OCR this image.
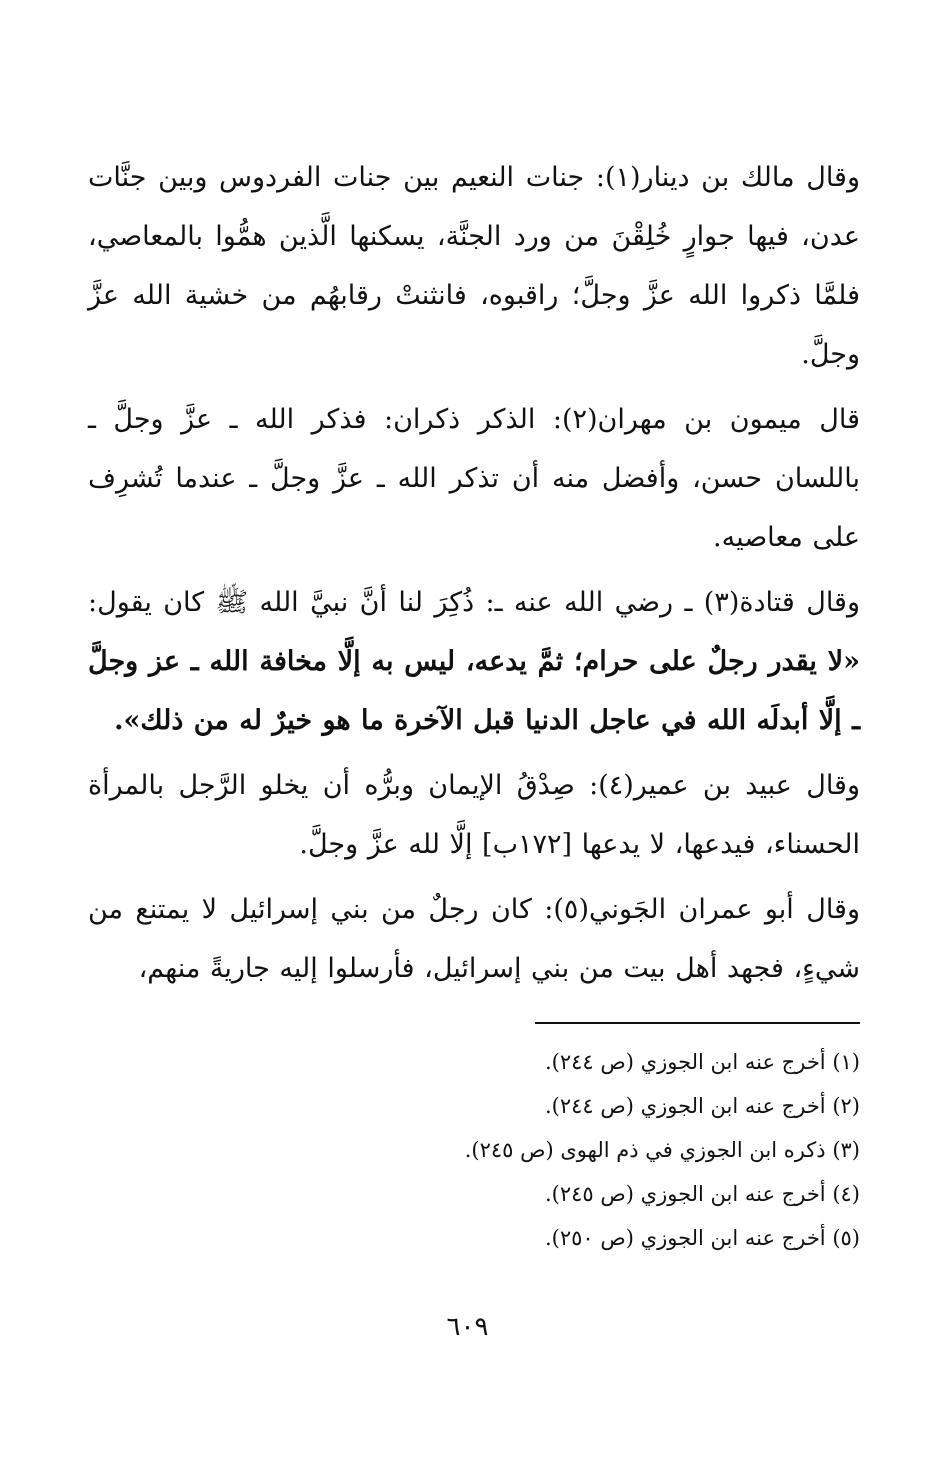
وقال مالك بن دينار(١): جنات النعيم بين جنات الفردوس وبين جنَّات عدن، فيها جوارٍ خُلِقْنَ من ورد الجنَّة، يسكنها الَّذين همُّوا بالمعاصي، فلمَّا ذكروا الله عزَّ وجلَّ؛ راقبوه، فانثنتْ رقابهُم من خشية الله عزَّ وجلَّ.

قال ميمون بن مهران(٢): الذكر ذكران: فذكر الله ـ عزَّ وجلَّ ـ باللسان حسن، وأفضل منه أن تذكر الله ـ عزَّ وجلَّ ـ عندما تُشرِف على معاصيه.

وقال قتادة(٣) ـ رضي الله عنه ـ: ذُكِرَ لنا أنَّ نبيَّ الله ﷺ كان يقول: «لا يقدر رجلٌ على حرام؛ ثمَّ يدعه، ليس به إلَّا مخافة الله ـ عز وجلَّ ـ إلَّا أبدلَه الله في عاجل الدنيا قبل الآخرة ما هو خيرٌ له من ذلك».

وقال عبيد بن عمير(٤): صِدْقُ الإيمان وبرُّه أن يخلو الرَّجل بالمرأة الحسناء، فيدعها، لا يدعها [١٧٢ب] إلَّا لله عزَّ وجلَّ.

وقال أبو عمران الجَوني(٥): كان رجلٌ من بني إسرائيل لا يمتنع من شيءٍ، فجهد أهل بيت من بني إسرائيل، فأرسلوا إليه جاريةً منهم،

(١) أخرج عنه ابن الجوزي (ص ٢٤٤).
(٢) أخرج عنه ابن الجوزي (ص ٢٤٤).
(٣) ذكره ابن الجوزي في ذم الهوى (ص ٢٤٥).
(٤) أخرج عنه ابن الجوزي (ص ٢٤٥).
(٥) أخرج عنه ابن الجوزي (ص ٢٥٠).
٦٠٩
